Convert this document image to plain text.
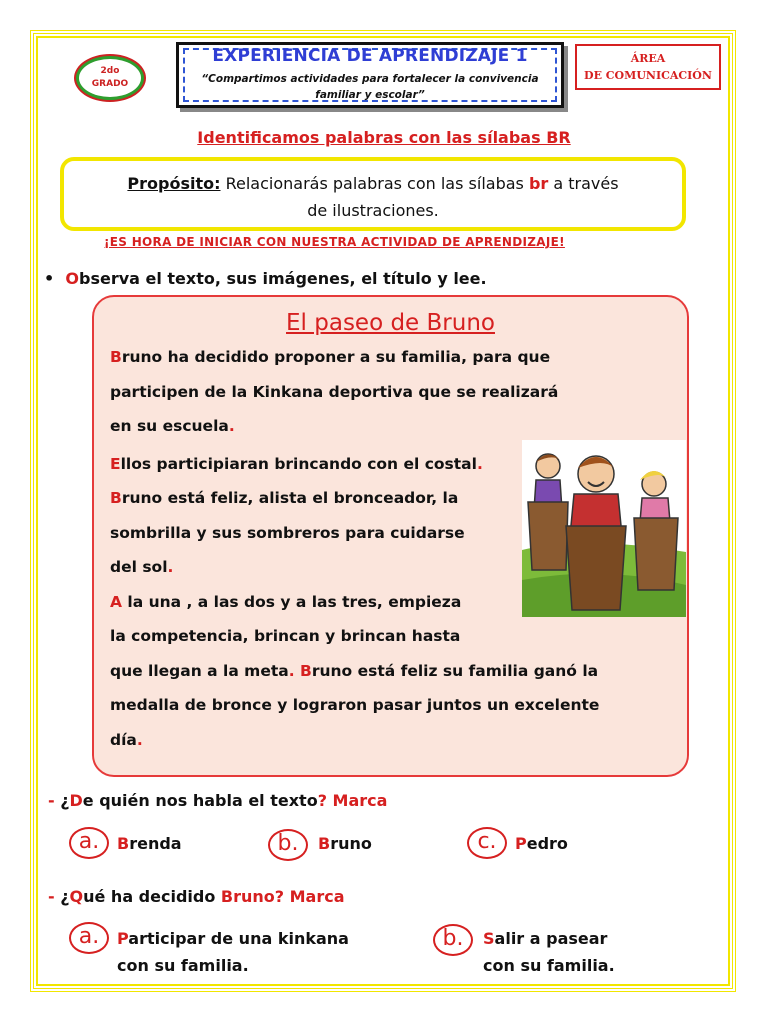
2do
GRADO
EXPERIENCIA DE APRENDIZAJE 1
“Compartimos actividades para fortalecer la convivencia
familiar y escolar”
ÁREA
DE COMUNICACIÓN
Identificamos palabras con las sílabas BR
Propósito: Relacionarás palabras con las sílabas br a través
de ilustraciones.
¡ES HORA DE INICIAR CON NUESTRA ACTIVIDAD DE APRENDIZAJE!
• Observa el texto, sus imágenes, el título y lee.
El paseo de Bruno

Bruno ha decidido proponer a su familia, para que
participen de la Kinkana deportiva que se realizará
en su escuela.

Ellos participiaran brincando con el costal.

Bruno está feliz, alista el bronceador, la
sombrilla y sus sombreros para cuidarse
del sol.

A la una , a las dos y a las tres, empieza
la competencia, brincan y brincan hasta
que llegan a la meta. Bruno está feliz su familia ganó la
medalla de bronce y lograron pasar juntos un excelente
día.

- ¿De quién nos habla el texto? Marca
a.	Brenda	b.	Bruno	c.	Pedro
- ¿Qué ha decidido Bruno? Marca
a.	Participar de una kinkana
con su familia.
b.	Salir a pasear
con su familia.
